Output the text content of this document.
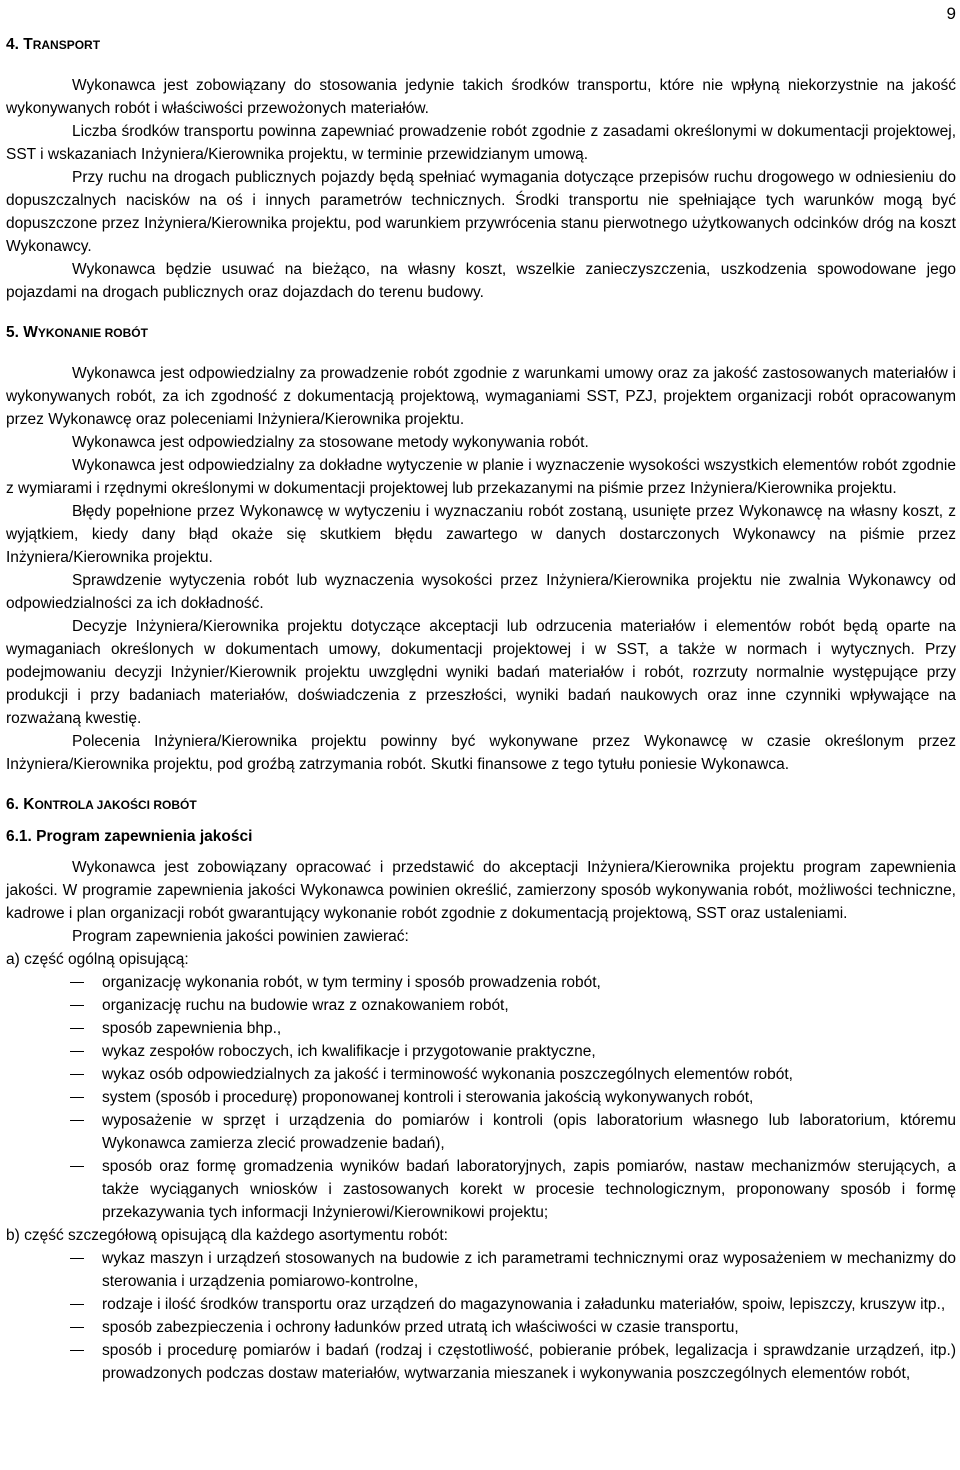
9
4. TRANSPORT

Wykonawca jest zobowiązany do stosowania jedynie takich środków transportu, które nie wpłyną niekorzystnie na jakość wykonywanych robót i właściwości przewożonych materiałów.

Liczba środków transportu powinna zapewniać prowadzenie robót zgodnie z zasadami określonymi w dokumentacji projektowej, SST i wskazaniach Inżyniera/Kierownika projektu, w terminie przewidzianym umową.

Przy ruchu na drogach publicznych pojazdy będą spełniać wymagania dotyczące przepisów ruchu drogowego w odniesieniu do dopuszczalnych nacisków na oś i innych parametrów technicznych. Środki transportu nie spełniające tych warunków mogą być dopuszczone przez Inżyniera/Kierownika projektu, pod warunkiem przywrócenia stanu pierwotnego użytkowanych odcinków dróg na koszt Wykonawcy.

Wykonawca będzie usuwać na bieżąco, na własny koszt, wszelkie zanieczyszczenia, uszkodzenia spowodowane jego pojazdami na drogach publicznych oraz dojazdach do terenu budowy.

5. WYKONANIE ROBÓT

Wykonawca jest odpowiedzialny za prowadzenie robót zgodnie z warunkami umowy oraz za jakość zastosowanych materiałów i wykonywanych robót, za ich zgodność z dokumentacją projektową, wymaganiami SST, PZJ, projektem organizacji robót opracowanym przez Wykonawcę oraz poleceniami Inżyniera/Kierownika projektu.

Wykonawca jest odpowiedzialny za stosowane metody wykonywania robót.

Wykonawca jest odpowiedzialny za dokładne wytyczenie w planie i wyznaczenie wysokości wszystkich elementów robót zgodnie z wymiarami i rzędnymi określonymi w dokumentacji projektowej lub przekazanymi na piśmie przez Inżyniera/Kierownika projektu.

Błędy popełnione przez Wykonawcę w wytyczeniu i wyznaczaniu robót zostaną, usunięte przez Wykonawcę na własny koszt, z wyjątkiem, kiedy dany błąd okaże się skutkiem błędu zawartego w danych dostarczonych Wykonawcy na piśmie przez Inżyniera/Kierownika projektu.

Sprawdzenie wytyczenia robót lub wyznaczenia wysokości przez Inżyniera/Kierownika projektu nie zwalnia Wykonawcy od odpowiedzialności za ich dokładność.

Decyzje Inżyniera/Kierownika projektu dotyczące akceptacji lub odrzucenia materiałów i elementów robót będą oparte na wymaganiach określonych w dokumentach umowy, dokumentacji projektowej i w SST, a także w normach i wytycznych. Przy podejmowaniu decyzji Inżynier/Kierownik projektu uwzględni wyniki badań materiałów i robót, rozrzuty normalnie występujące przy produkcji i przy badaniach materiałów, doświadczenia z przeszłości, wyniki badań naukowych oraz inne czynniki wpływające na rozważaną kwestię.

Polecenia Inżyniera/Kierownika projektu powinny być wykonywane przez Wykonawcę w czasie określonym przez Inżyniera/Kierownika projektu, pod groźbą zatrzymania robót. Skutki finansowe z tego tytułu poniesie Wykonawca.

6. KONTROLA JAKOŚCI ROBÓT
6.1. Program zapewnienia jakości

Wykonawca jest zobowiązany opracować i przedstawić do akceptacji Inżyniera/Kierownika projektu program zapewnienia jakości. W programie zapewnienia jakości Wykonawca powinien określić, zamierzony sposób wykonywania robót, możliwości techniczne, kadrowe i plan organizacji robót gwarantujący wykonanie robót zgodnie z dokumentacją projektową, SST oraz ustaleniami.

Program zapewnienia jakości powinien zawierać:

a) część ogólną opisującą:

organizację wykonania robót, w tym terminy i sposób prowadzenia robót,
organizację ruchu na budowie wraz z oznakowaniem robót,
sposób zapewnienia bhp.,
wykaz zespołów roboczych, ich kwalifikacje i przygotowanie praktyczne,
wykaz osób odpowiedzialnych za jakość i terminowość wykonania poszczególnych elementów robót,
system (sposób i procedurę) proponowanej kontroli i sterowania jakością wykonywanych robót,
wyposażenie w sprzęt i urządzenia do pomiarów i kontroli (opis laboratorium własnego lub laboratorium, któremu Wykonawca zamierza zlecić prowadzenie badań),
sposób oraz formę gromadzenia wyników badań laboratoryjnych, zapis pomiarów, nastaw mechanizmów sterujących, a także wyciąganych wniosków i zastosowanych korekt w procesie technologicznym, proponowany sposób i formę przekazywania tych informacji Inżynierowi/Kierownikowi projektu;

b) część szczegółową opisującą dla każdego asortymentu robót:

wykaz maszyn i urządzeń stosowanych na budowie z ich parametrami technicznymi oraz wyposażeniem w mechanizmy do sterowania i urządzenia pomiarowo-kontrolne,
rodzaje i ilość środków transportu oraz urządzeń do magazynowania i załadunku materiałów, spoiw, lepiszczy, kruszyw itp.,
sposób zabezpieczenia i ochrony ładunków przed utratą ich właściwości w czasie transportu,
sposób i procedurę pomiarów i badań (rodzaj i częstotliwość, pobieranie próbek, legalizacja i sprawdzanie urządzeń, itp.) prowadzonych podczas dostaw materiałów, wytwarzania mieszanek i wykonywania poszczególnych elementów robót,
